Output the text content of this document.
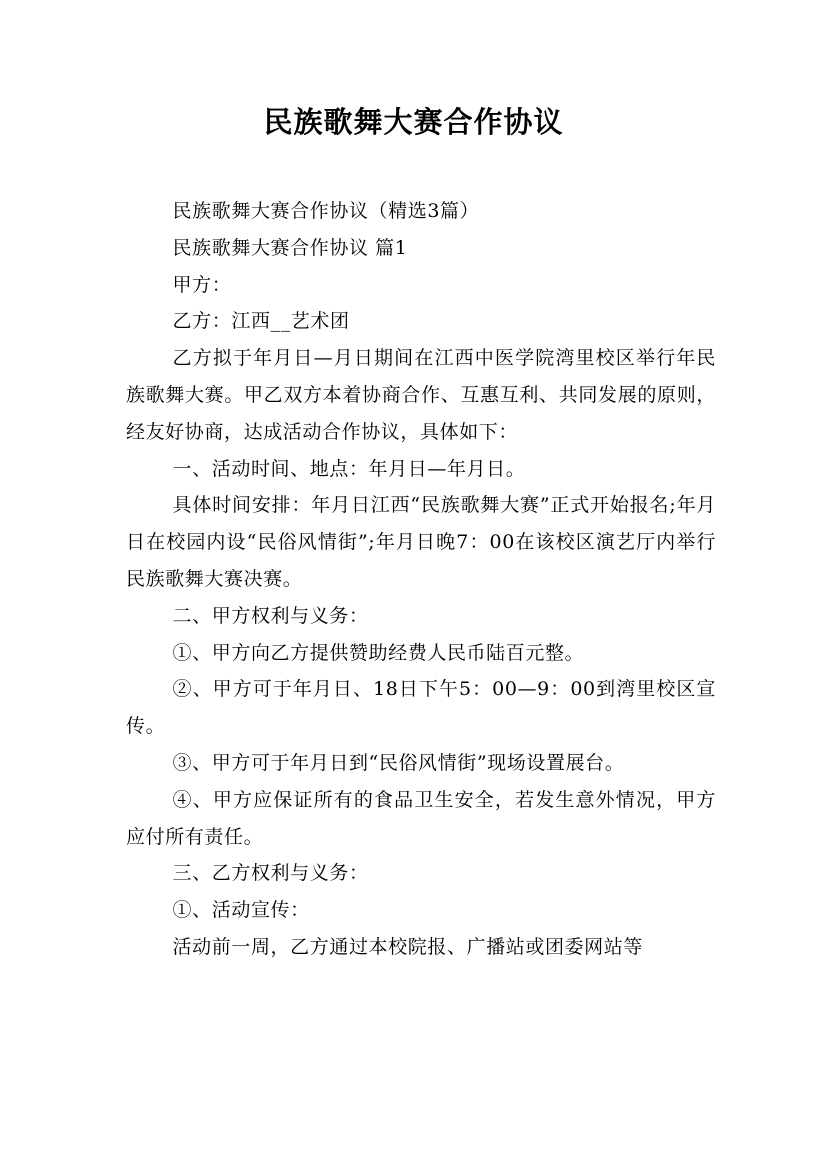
民族歌舞大赛合作协议

民族歌舞大赛合作协议（精选3篇）

民族歌舞大赛合作协议 篇1

甲方：

乙方：江西__艺术团

乙方拟于年月日—月日期间在江西中医学院湾里校区举行年民族歌舞大赛。甲乙双方本着协商合作、互惠互利、共同发展的原则，经友好协商，达成活动合作协议，具体如下：

一、活动时间、地点：年月日—年月日。

具体时间安排：年月日江西“民族歌舞大赛”正式开始报名;年月日在校园内设“民俗风情街”;年月日晚7：00在该校区演艺厅内举行民族歌舞大赛决赛。

二、甲方权利与义务：

①、甲方向乙方提供赞助经费人民币陆百元整。

②、甲方可于年月日、18日下午5：00—9：00到湾里校区宣传。

③、甲方可于年月日到“民俗风情街”现场设置展台。

④、甲方应保证所有的食品卫生安全，若发生意外情况，甲方应付所有责任。

三、乙方权利与义务：

①、活动宣传：

活动前一周，乙方通过本校院报、广播站或团委网站等
